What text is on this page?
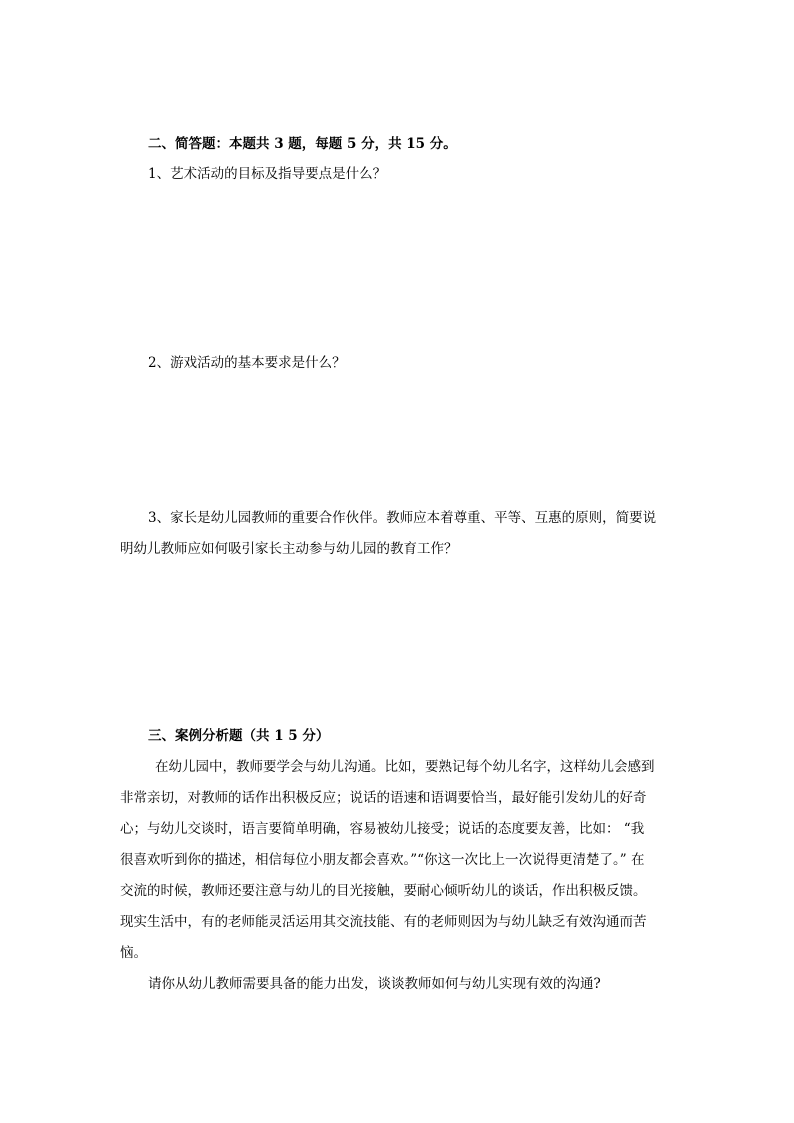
二、简答题：本题共 3 题，每题 5 分，共 15 分。
1、艺术活动的目标及指导要点是什么？
2、游戏活动的基本要求是什么？
3、家长是幼儿园教师的重要合作伙伴。教师应本着尊重、平等、互惠的原则，简要说
明幼儿教师应如何吸引家长主动参与幼儿园的教育工作？
三、案例分析题（共 1 5 分）
在幼儿园中，教师要学会与幼儿沟通。比如，要熟记每个幼儿名字，这样幼儿会感到
非常亲切，对教师的话作出积极反应；说话的语速和语调要恰当，最好能引发幼儿的好奇
心；与幼儿交谈时，语言要简单明确，容易被幼儿接受；说话的态度要友善，比如： “我
很喜欢听到你的描述，相信每位小朋友都会喜欢。”“你这一次比上一次说得更清楚了。” 在
交流的时候，教师还要注意与幼儿的目光接触，要耐心倾听幼儿的谈话，作出积极反馈。
现实生活中，有的老师能灵活运用其交流技能、有的老师则因为与幼儿缺乏有效沟通而苦
恼。
请你从幼儿教师需要具备的能力出发，谈谈教师如何与幼儿实现有效的沟通?
